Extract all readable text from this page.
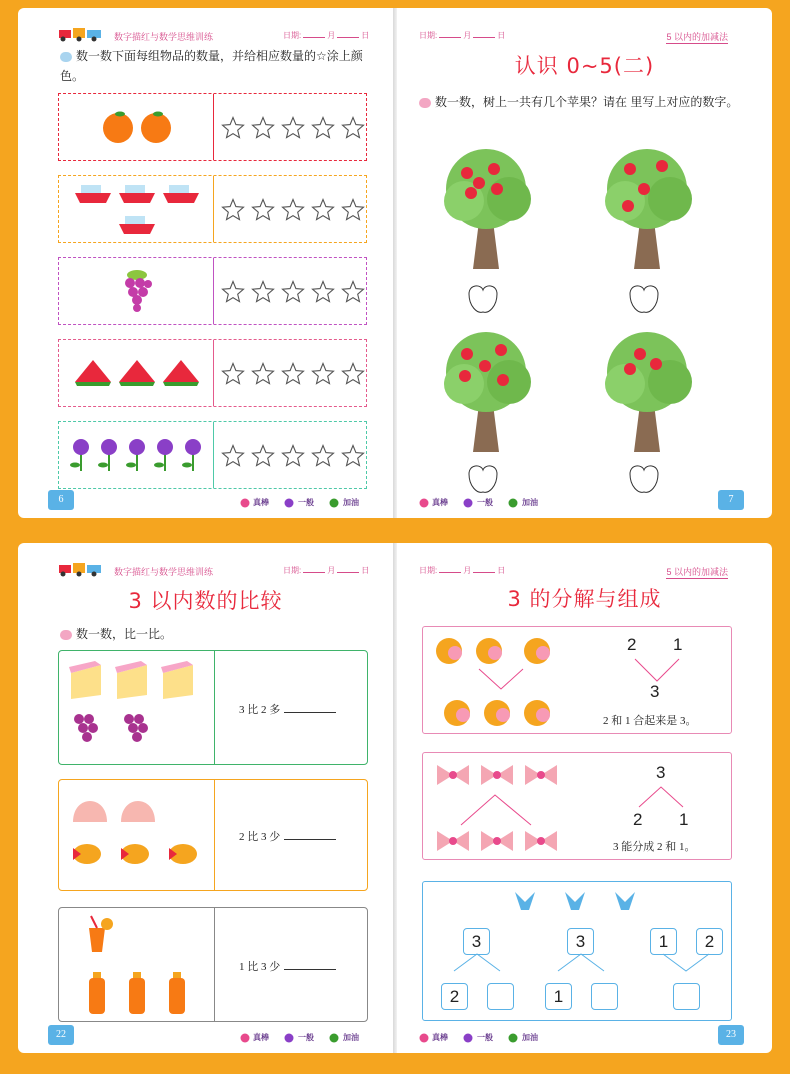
数字描红与数学思维训练	日期:	月	日
数一数下面每组物品的数量，并给相应数量的☆涂上颜色。
6	真棒	一般	加油
日期:	月	日	5 以内的加减法
认识 0~5(二)
数一数，树上一共有几个苹果？请在 里写上对应的数字。
真棒	一般	加油	7
数字描红与数学思维训练	日期:	月	日
3 以内数的比较
数一数，比一比。
3 比 2 多
2 比 3 少
1 比 3 少
22	真棒	一般	加油
日期:	月	日	5 以内的加减法
3 的分解与组成
2 1
3
2 和 1 合起来是 3。
3
2 1
3 能分成 2 和 1。
3
2
3
1
1	2
真棒	一般	加油	23
